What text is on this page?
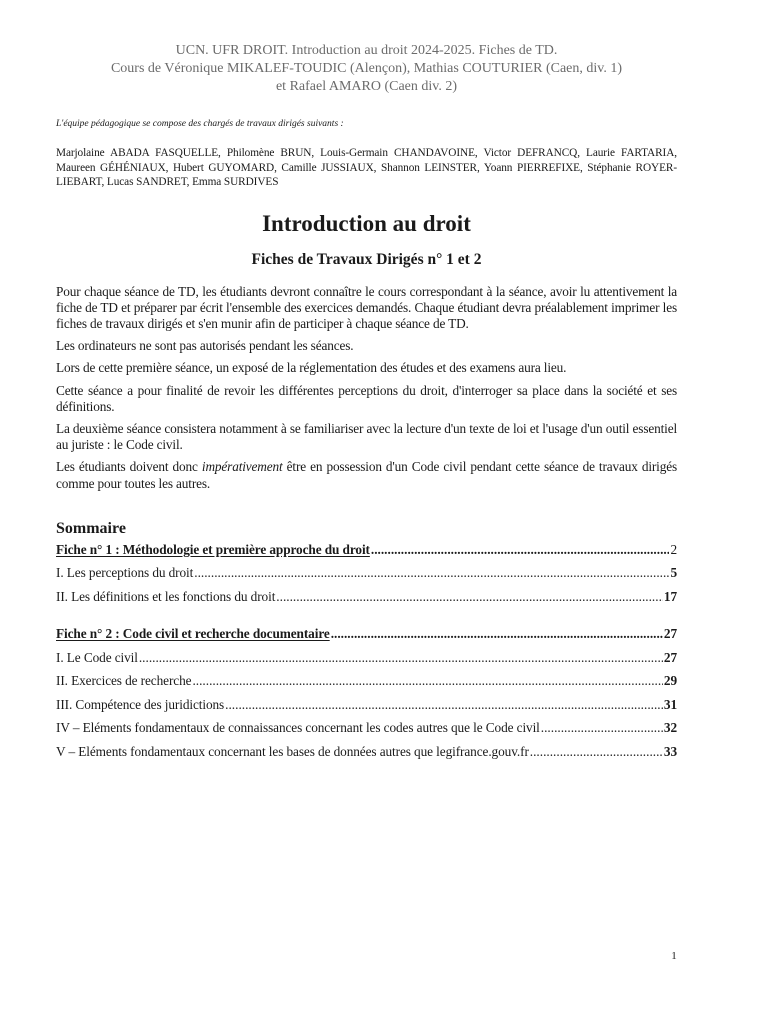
UCN. UFR DROIT. Introduction au droit 2024-2025. Fiches de TD.
Cours de Véronique MIKALEF-TOUDIC (Alençon), Mathias COUTURIER (Caen, div. 1)
et Rafael AMARO (Caen div. 2)
L'équipe pédagogique se compose des chargés de travaux dirigés suivants :
Marjolaine ABADA FASQUELLE, Philomène BRUN, Louis-Germain CHANDAVOINE, Victor DEFRANCQ, Laurie FARTARIA, Maureen GÉHÉNIAUX, Hubert GUYOMARD, Camille JUSSIAUX, Shannon LEINSTER, Yoann PIERREFIXE, Stéphanie ROYER-LIEBART, Lucas SANDRET, Emma SURDIVES
Introduction au droit
Fiches de Travaux Dirigés n° 1 et 2

Pour chaque séance de TD, les étudiants devront connaître le cours correspondant à la séance, avoir lu attentivement la fiche de TD et préparer par écrit l'ensemble des exercices demandés. Chaque étudiant devra préalablement imprimer les fiches de travaux dirigés et s'en munir afin de participer à chaque séance de TD.

Les ordinateurs ne sont pas autorisés pendant les séances.

Lors de cette première séance, un exposé de la réglementation des études et des examens aura lieu.

Cette séance a pour finalité de revoir les différentes perceptions du droit, d'interroger sa place dans la société et ses définitions.

La deuxième séance consistera notamment à se familiariser avec la lecture d'un texte de loi et l'usage d'un outil essentiel au juriste : le Code civil.

Les étudiants doivent donc impérativement être en possession d'un Code civil pendant cette séance de travaux dirigés comme pour toutes les autres.

Sommaire
Fiche n° 1 : Méthodologie et première approche du droit .....	2
I. Les perceptions du droit .....	5
II. Les définitions et les fonctions du droit .....	17
Fiche n° 2 : Code civil et recherche documentaire .....	27
I. Le Code civil .....	27
II. Exercices de recherche .....	29
III. Compétence des juridictions .....	31
IV – Eléments fondamentaux de connaissances concernant les codes autres que le Code civil .....	32
V – Eléments fondamentaux concernant les bases de données autres que legifrance.gouv.fr .....	33
1
